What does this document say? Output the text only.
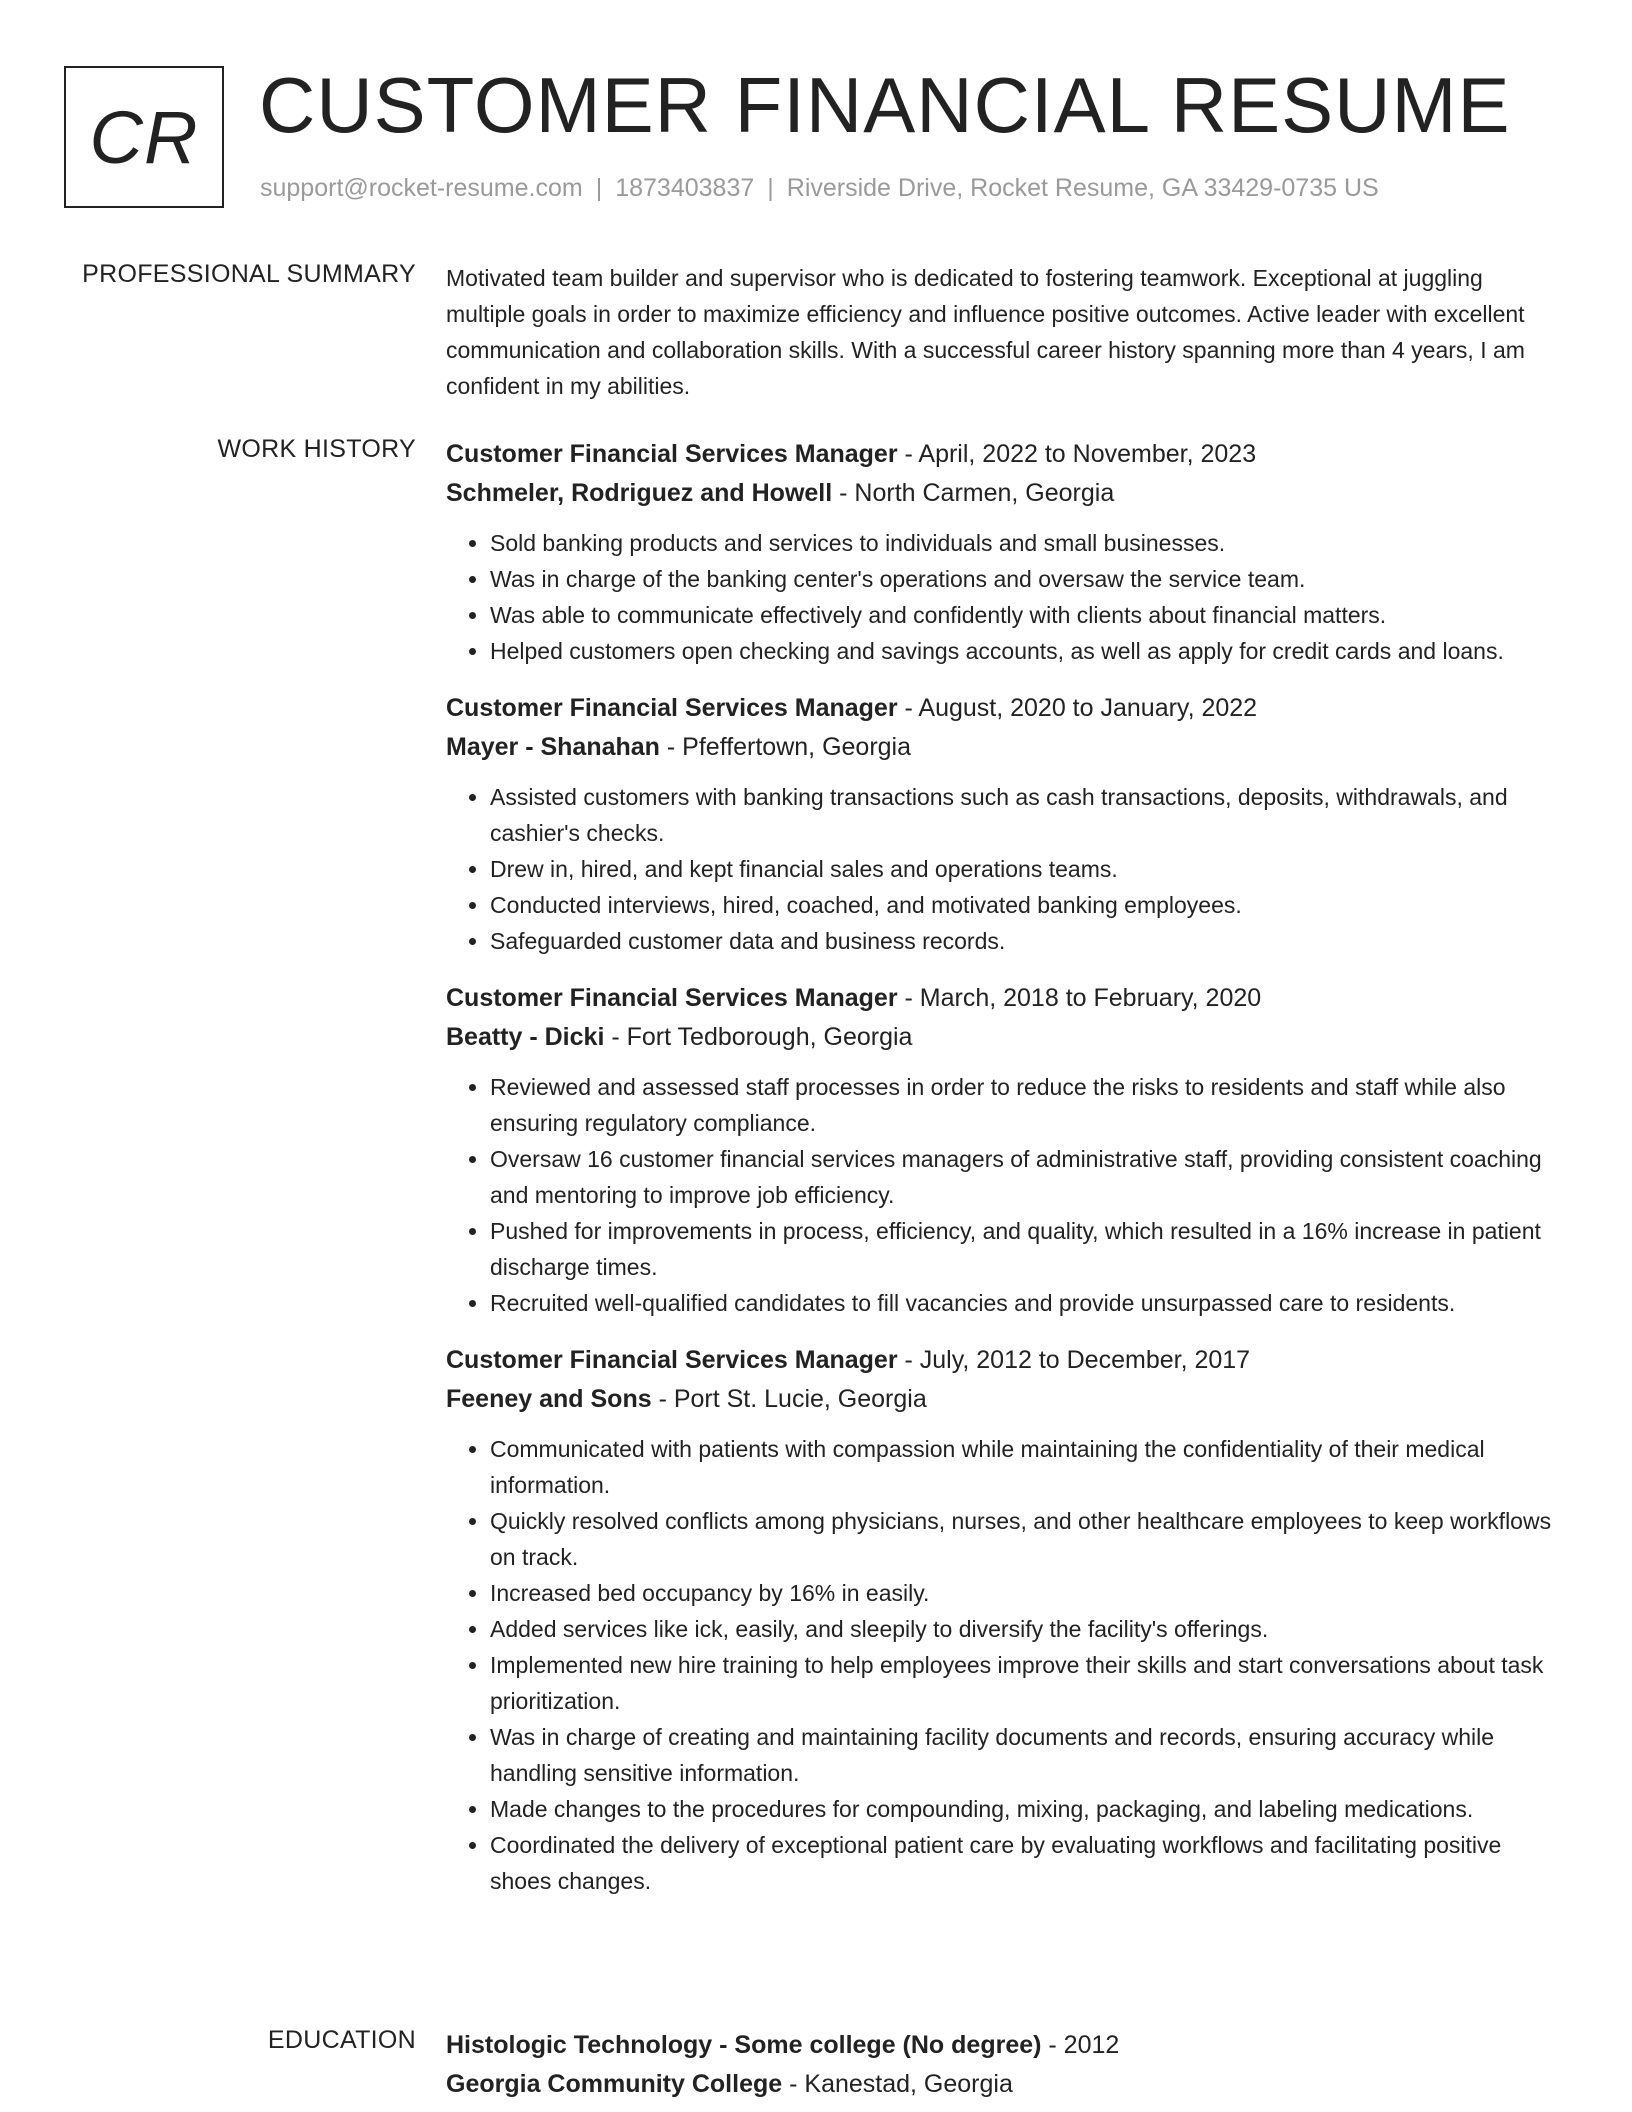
CR CUSTOMER FINANCIAL RESUME
support@rocket-resume.com | 1873403837 | Riverside Drive, Rocket Resume, GA 33429-0735 US
PROFESSIONAL SUMMARY Motivated team builder and supervisor who is dedicated to fostering teamwork. Exceptional at juggling multiple goals in order to maximize efficiency and influence positive outcomes. Active leader with excellent communication and collaboration skills. With a successful career history spanning more than 4 years, I am confident in my abilities.

WORK HISTORY Customer Financial Services Manager - April, 2022 to November, 2023
Schmeler, Rodriguez and Howell - North Carmen, Georgia
• Sold banking products and services to individuals and small businesses.
• Was in charge of the banking center's operations and oversaw the service team.
• Was able to communicate effectively and confidently with clients about financial matters.
• Helped customers open checking and savings accounts, as well as apply for credit cards and loans.
Customer Financial Services Manager - August, 2020 to January, 2022
Mayer - Shanahan - Pfeffertown, Georgia
• Assisted customers with banking transactions such as cash transactions, deposits, withdrawals, and cashier's checks.
• Drew in, hired, and kept financial sales and operations teams.
• Conducted interviews, hired, coached, and motivated banking employees.
• Safeguarded customer data and business records.
Customer Financial Services Manager - March, 2018 to February, 2020
Beatty - Dicki - Fort Tedborough, Georgia
• Reviewed and assessed staff processes in order to reduce the risks to residents and staff while also ensuring regulatory compliance.
• Oversaw 16 customer financial services managers of administrative staff, providing consistent coaching and mentoring to improve job efficiency.
• Pushed for improvements in process, efficiency, and quality, which resulted in a 16% increase in patient discharge times.
• Recruited well-qualified candidates to fill vacancies and provide unsurpassed care to residents.
Customer Financial Services Manager - July, 2012 to December, 2017
Feeney and Sons - Port St. Lucie, Georgia
• Communicated with patients with compassion while maintaining the confidentiality of their medical information.
• Quickly resolved conflicts among physicians, nurses, and other healthcare employees to keep workflows on track.
• Increased bed occupancy by 16% in easily.
• Added services like ick, easily, and sleepily to diversify the facility's offerings.
• Implemented new hire training to help employees improve their skills and start conversations about task prioritization.
• Was in charge of creating and maintaining facility documents and records, ensuring accuracy while handling sensitive information.
• Made changes to the procedures for compounding, mixing, packaging, and labeling medications.
• Coordinated the delivery of exceptional patient care by evaluating workflows and facilitating positive shoes changes.
EDUCATION Histologic Technology - Some college (No degree) - 2012
Georgia Community College - Kanestad, Georgia
